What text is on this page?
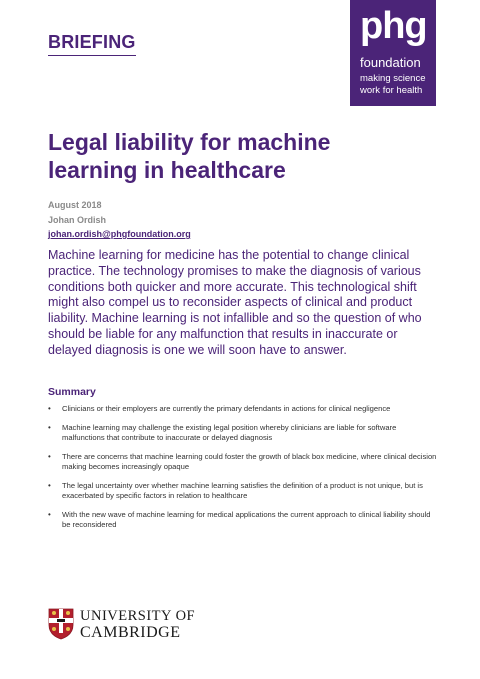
BRIEFING	phg
foundation
making science
work for health
Legal liability for machine learning in healthcare
August 2018
Johan Ordish
johan.ordish@phgfoundation.org

Machine learning for medicine has the potential to change clinical practice. The technology promises to make the diagnosis of various conditions both quicker and more accurate. This technological shift might also compel us to reconsider aspects of clinical and product liability. Machine learning is not infallible and so the question of who should be liable for any malfunction that results in inaccurate or delayed diagnosis is one we will soon have to answer.

Summary
• Clinicians or their employers are currently the primary defendants in actions for clinical negligence
• Machine learning may challenge the existing legal position whereby clinicians are liable for software malfunctions that contribute to inaccurate or delayed diagnosis
• There are concerns that machine learning could foster the growth of black box medicine, where clinical decision making becomes increasingly opaque
• The legal uncertainty over whether machine learning satisfies the definition of a product is not unique, but is exacerbated by specific factors in relation to healthcare
• With the new wave of machine learning for medical applications the current approach to clinical liability should be reconsidered
UNIVERSITY OF
CAMBRIDGE
